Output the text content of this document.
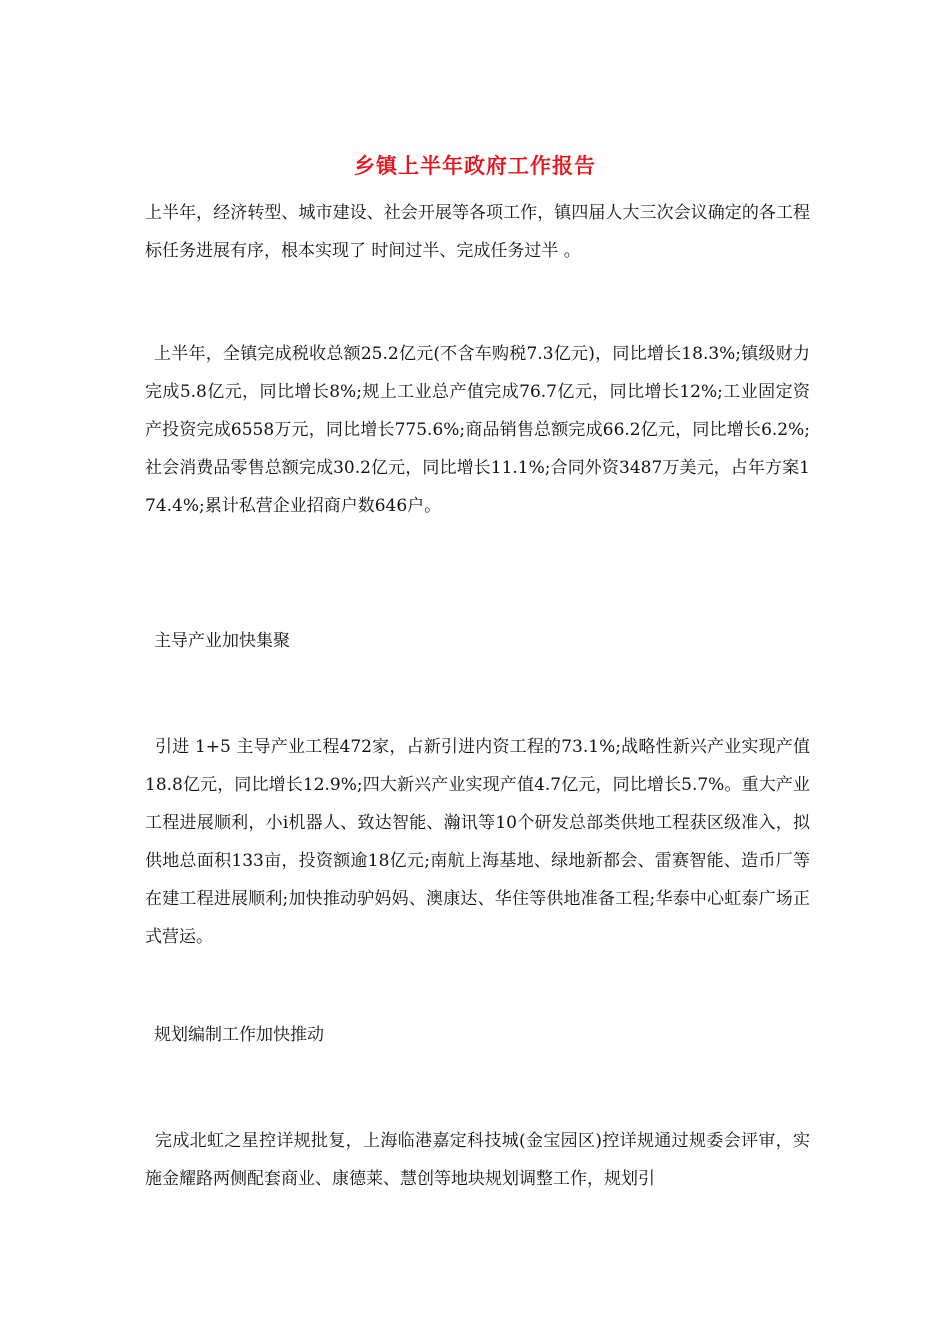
乡镇上半年政府工作报告
上半年，经济转型、城市建设、社会开展等各项工作，镇四届人大三次会议确定的各工程标任务进展有序，根本实现了 时间过半、完成任务过半 。
上半年，全镇完成税收总额25.2亿元(不含车购税7.3亿元)，同比增长18.3%;镇级财力完成5.8亿元，同比增长8%;规上工业总产值完成76.7亿元，同比增长12%;工业固定资产投资完成6558万元，同比增长775.6%;商品销售总额完成66.2亿元，同比增长6.2%;社会消费品零售总额完成30.2亿元，同比增长11.1%;合同外资3487万美元，占年方案174.4%;累计私营企业招商户数646户。
主导产业加快集聚
引进 1+5 主导产业工程472家，占新引进内资工程的73.1%;战略性新兴产业实现产值18.8亿元，同比增长12.9%;四大新兴产业实现产值4.7亿元，同比增长5.7%。重大产业工程进展顺利，小i机器人、致达智能、瀚讯等10个研发总部类供地工程获区级准入，拟供地总面积133亩，投资额逾18亿元;南航上海基地、绿地新都会、雷赛智能、造币厂等在建工程进展顺利;加快推动驴妈妈、澳康达、华住等供地准备工程;华泰中心虹泰广场正式营运。
规划编制工作加快推动
完成北虹之星控详规批复，上海临港嘉定科技城(金宝园区)控详规通过规委会评审，实施金耀路两侧配套商业、康德莱、慧创等地块规划调整工作，规划引
